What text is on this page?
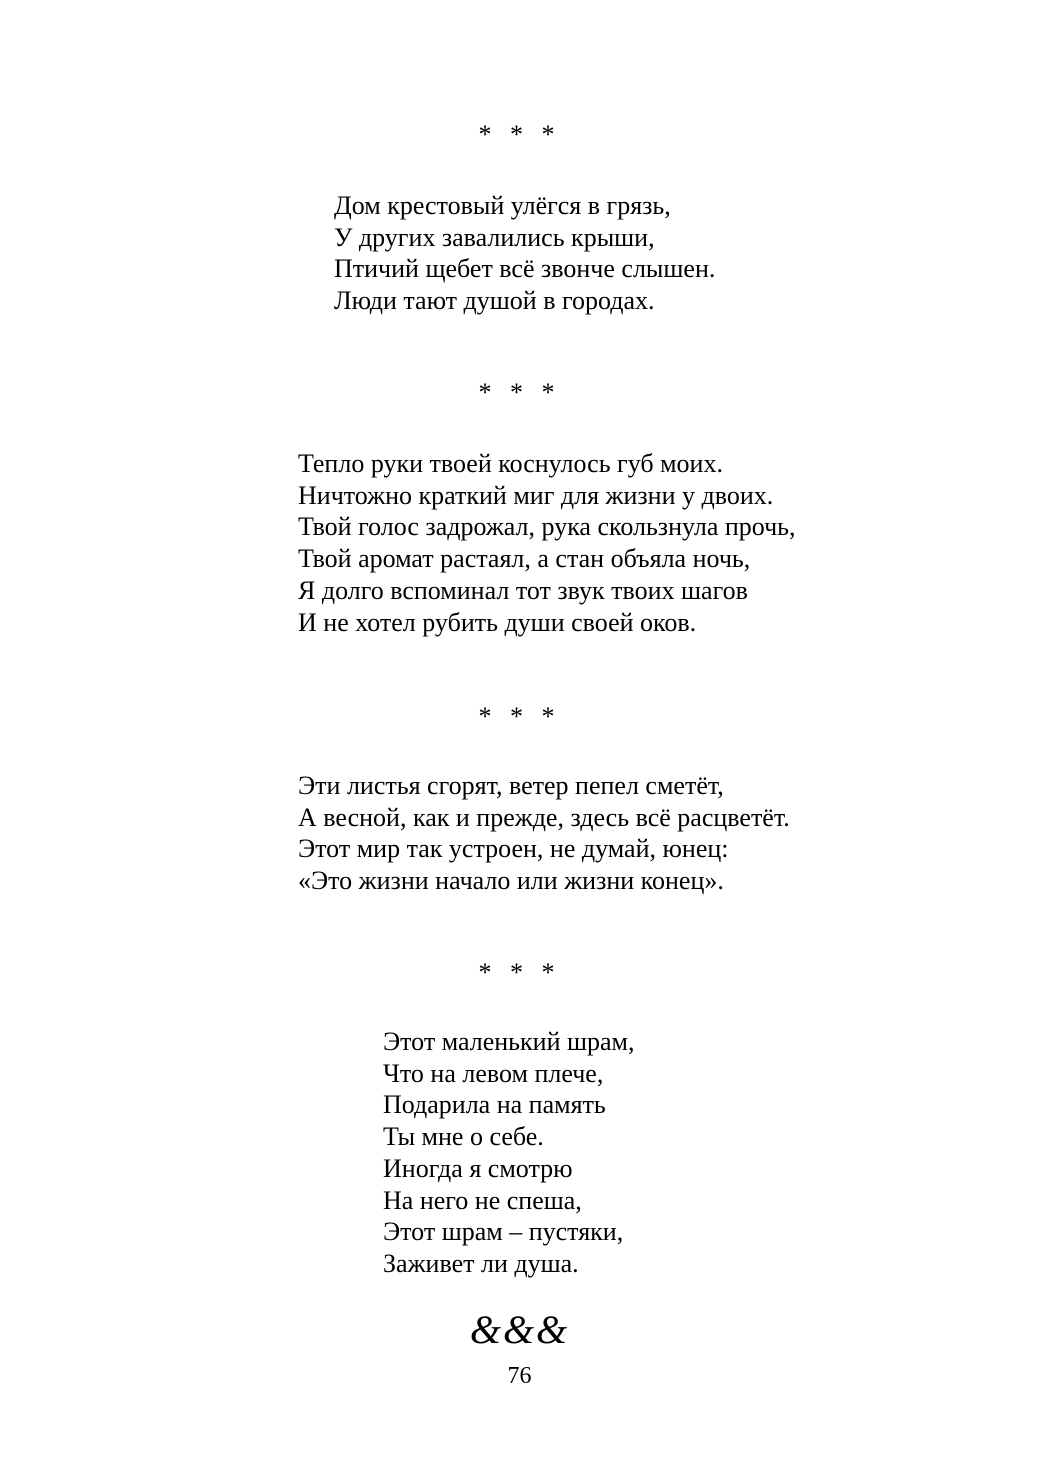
* * *
Дом крестовый улёгся в грязь,
У других завалились крыши,
Птичий щебет всё звонче слышен.
Люди тают душой в городах.
* * *
Тепло руки твоей коснулось губ моих.
Ничтожно краткий миг для жизни у двоих.
Твой голос задрожал, рука скользнула прочь,
Твой аромат растаял, а стан объяла ночь,
Я долго вспоминал тот звук твоих шагов
И не хотел рубить души своей оков.
* * *
Эти листья сгорят, ветер пепел сметёт,
А весной, как и прежде, здесь всё расцветёт.
Этот мир так устроен, не думай, юнец:
«Это жизни начало или жизни конец».
* * *
Этот маленький шрам,
Что на левом плече,
Подарила на память
Ты мне о себе.
Иногда я смотрю
На него не спеша,
Этот шрам – пустяки,
Заживет ли душа.
&&&
76
